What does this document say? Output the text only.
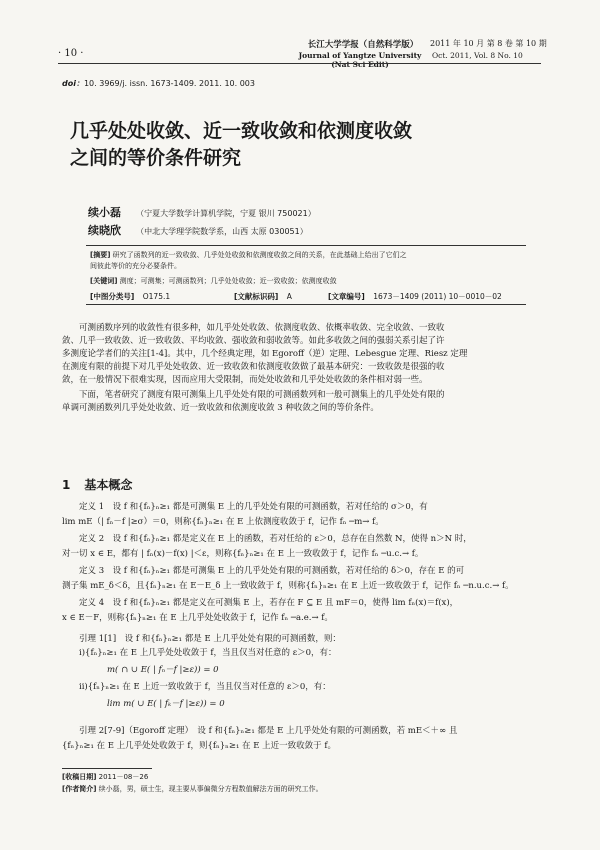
· 10 ·
长江大学学报（自然科学版）	2011 年 10 月 第 8 卷 第 10 期
Journal of Yangtze University (Nat Sci Edit)
Oct. 2011, Vol. 8 No. 10
doi：10. 3969/j. issn. 1673-1409. 2011. 10. 003
几乎处处收敛、近一致收敛和依测度收敛
之间的等价条件研究
续小磊 （宁夏大学数学计算机学院，宁夏 银川 750021）
续晓欣 （中北大学理学院数学系，山西 太原 030051）
[摘要] 研究了函数列的近一致收敛、几乎处处收敛和依测度收敛之间的关系，在此基础上给出了它们之
间彼此等价的充分必要条件。
[关键词] 测度；可测集；可测函数列；几乎处处收敛；近一致收敛；依测度收敛
[中图分类号] O175.1	[文献标识码] A	[文章编号] 1673－1409 (2011) 10－0010－02
可测函数序列的收敛性有很多种，如几乎处处收敛、依测度收敛、依概率收敛、完全收敛、一致收
敛、几乎一致收敛、近一致收敛、平均收敛、强收敛和弱收敛等。如此多收敛之间的强弱关系引起了许
多测度论学者们的关注[1-4]。其中，几个经典定理，如 Egoroff（逆）定理、Lebesgue 定理、Riesz 定理
在测度有限的前提下对几乎处处收敛、近一致收敛和依测度收敛做了最基本研究：一致收敛是很强的收
敛，在一般情况下很难实现，因而应用大受限制，而处处收敛和几乎处处收敛的条件相对弱一些。
下面，笔者研究了测度有限可测集上几乎处处有限的可测函数列和一般可测集上的几乎处处有限的
单调可测函数列几乎处处收敛、近一致收敛和依测度收敛 3 种收敛之间的等价条件。
1 基本概念
定义 1　设 f 和{fₙ}ₙ≥₁ 都是可测集 E 上的几乎处处有限的可测函数，若对任给的 σ＞0，有
lim mE（| fₙ－f |≥σ）＝0，则称{fₙ}ₙ≥₁ 在 E 上依测度收敛于 f，记作 fₙ ─m→ f。
定义 2　设 f 和{fₙ}ₙ≥₁ 都是定义在 E 上的函数，若对任给的 ε＞0，总存在自然数 N，使得 n＞N 时，
对一切 x ∈ E，都有 | fₙ(x)－f(x) |＜ε，则称{fₙ}ₙ≥₁ 在 E 上一致收敛于 f，记作 fₙ ─u.c.→ f。
定义 3　设 f 和{fₙ}ₙ≥₁ 都是可测集 E 上的几乎处处有限的可测函数，若对任给的 δ＞0，存在 E 的可
测子集 mE_δ＜δ，且{fₙ}ₙ≥₁ 在 E－E_δ 上一致收敛于 f，则称{fₙ}ₙ≥₁ 在 E 上近一致收敛于 f，记作 fₙ ─n.u.c.→ f。
定义 4　设 f 和{fₙ}ₙ≥₁ 都是定义在可测集 E 上，若存在 F ⊆ E 且 mF＝0，使得 lim fₙ(x)＝f(x)，
x ∈ E－F，则称{fₙ}ₙ≥₁ 在 E 上几乎处处收敛于 f，记作 fₙ ─a.e.→ f。
引理 1[1]　设 f 和{fₙ}ₙ≥₁ 都是 E 上几乎处处有限的可测函数，则：
i){fₙ}ₙ≥₁ 在 E 上几乎处处收敛于 f，当且仅当对任意的 ε＞0，有：
m( ∩ ∪ E( | fₙ－f |≥ε)) = 0
ii){fₙ}ₙ≥₁ 在 E 上近一致收敛于 f，当且仅当对任意的 ε＞0，有：
lim m( ∪ E( | fₖ－f |≥ε)) = 0
引理 2[7-9]（Egoroff 定理）　设 f 和{fₙ}ₙ≥₁ 都是 E 上几乎处处有限的可测函数，若 mE＜＋∞ 且
{fₙ}ₙ≥₁ 在 E 上几乎处处收敛于 f，则{fₙ}ₙ≥₁ 在 E 上近一致收敛于 f。
[收稿日期] 2011－08－26
[作者简介] 续小磊，男，硕士生，现主要从事偏微分方程数值解法方面的研究工作。
